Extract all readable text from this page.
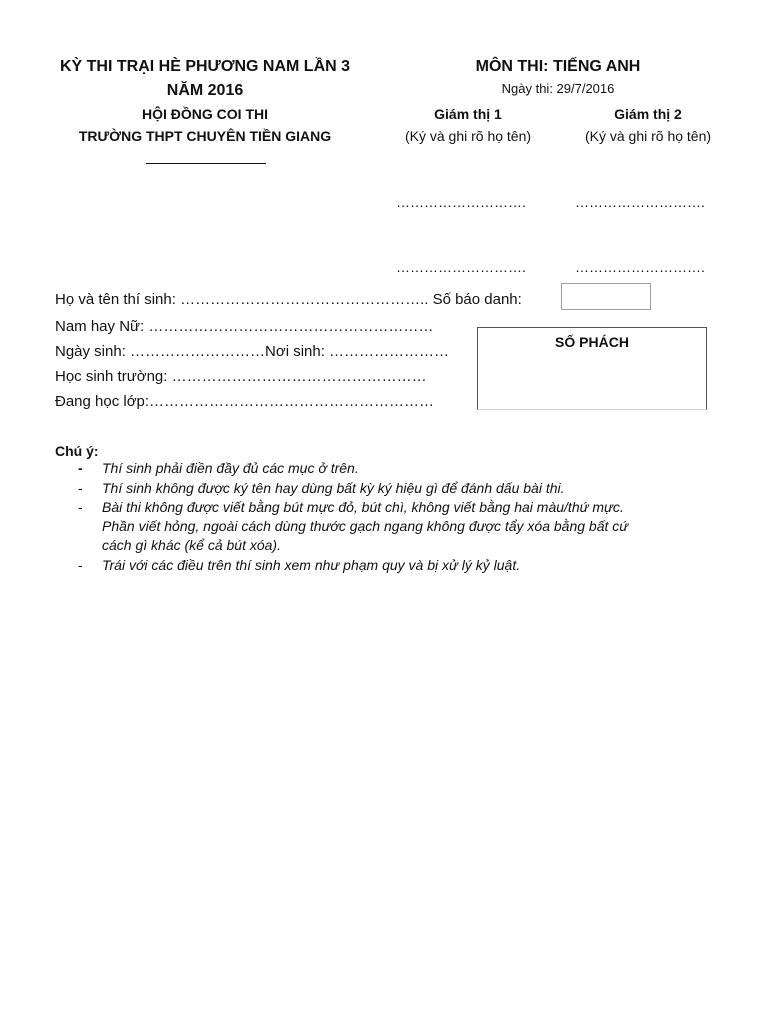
KỲ THI TRẠI HÈ PHƯƠNG NAM LẦN 3
NĂM 2016
HỘI ĐỒNG COI THI
TRƯỜNG THPT CHUYÊN TIỀN GIANG
MÔN THI: TIẾNG ANH
Ngày thi: 29/7/2016
Giám thị 1
(Ký và ghi rõ họ tên)
Giám thị 2
(Ký và ghi rõ họ tên)
……………………….	……………………….
……………………….	……………………….
Họ và tên thí sinh: ………………………………………….. Số báo danh:
Nam hay Nữ: …………………………………………………
Ngày sinh: ………………………Nơi sinh: ……………………
Học sinh trường: ……………………………………………
Đang học lớp:…………………………………………………
SỐ PHÁCH
Chú ý:
- Thí sinh phải điền đầy đủ các mục ở trên.
- Thí sinh không được ký tên hay dùng bất kỳ ký hiệu gì để đánh dấu bài thi.
- Bài thi không được viết bằng bút mực đỏ, bút chì, không viết bằng hai màu/thứ mực.
Phần viết hỏng, ngoài cách dùng thước gạch ngang không được tẩy xóa bằng bất cứ
cách gì khác (kể cả bút xóa).
- Trái với các điều trên thí sinh xem như phạm quy và bị xử lý kỷ luật.
